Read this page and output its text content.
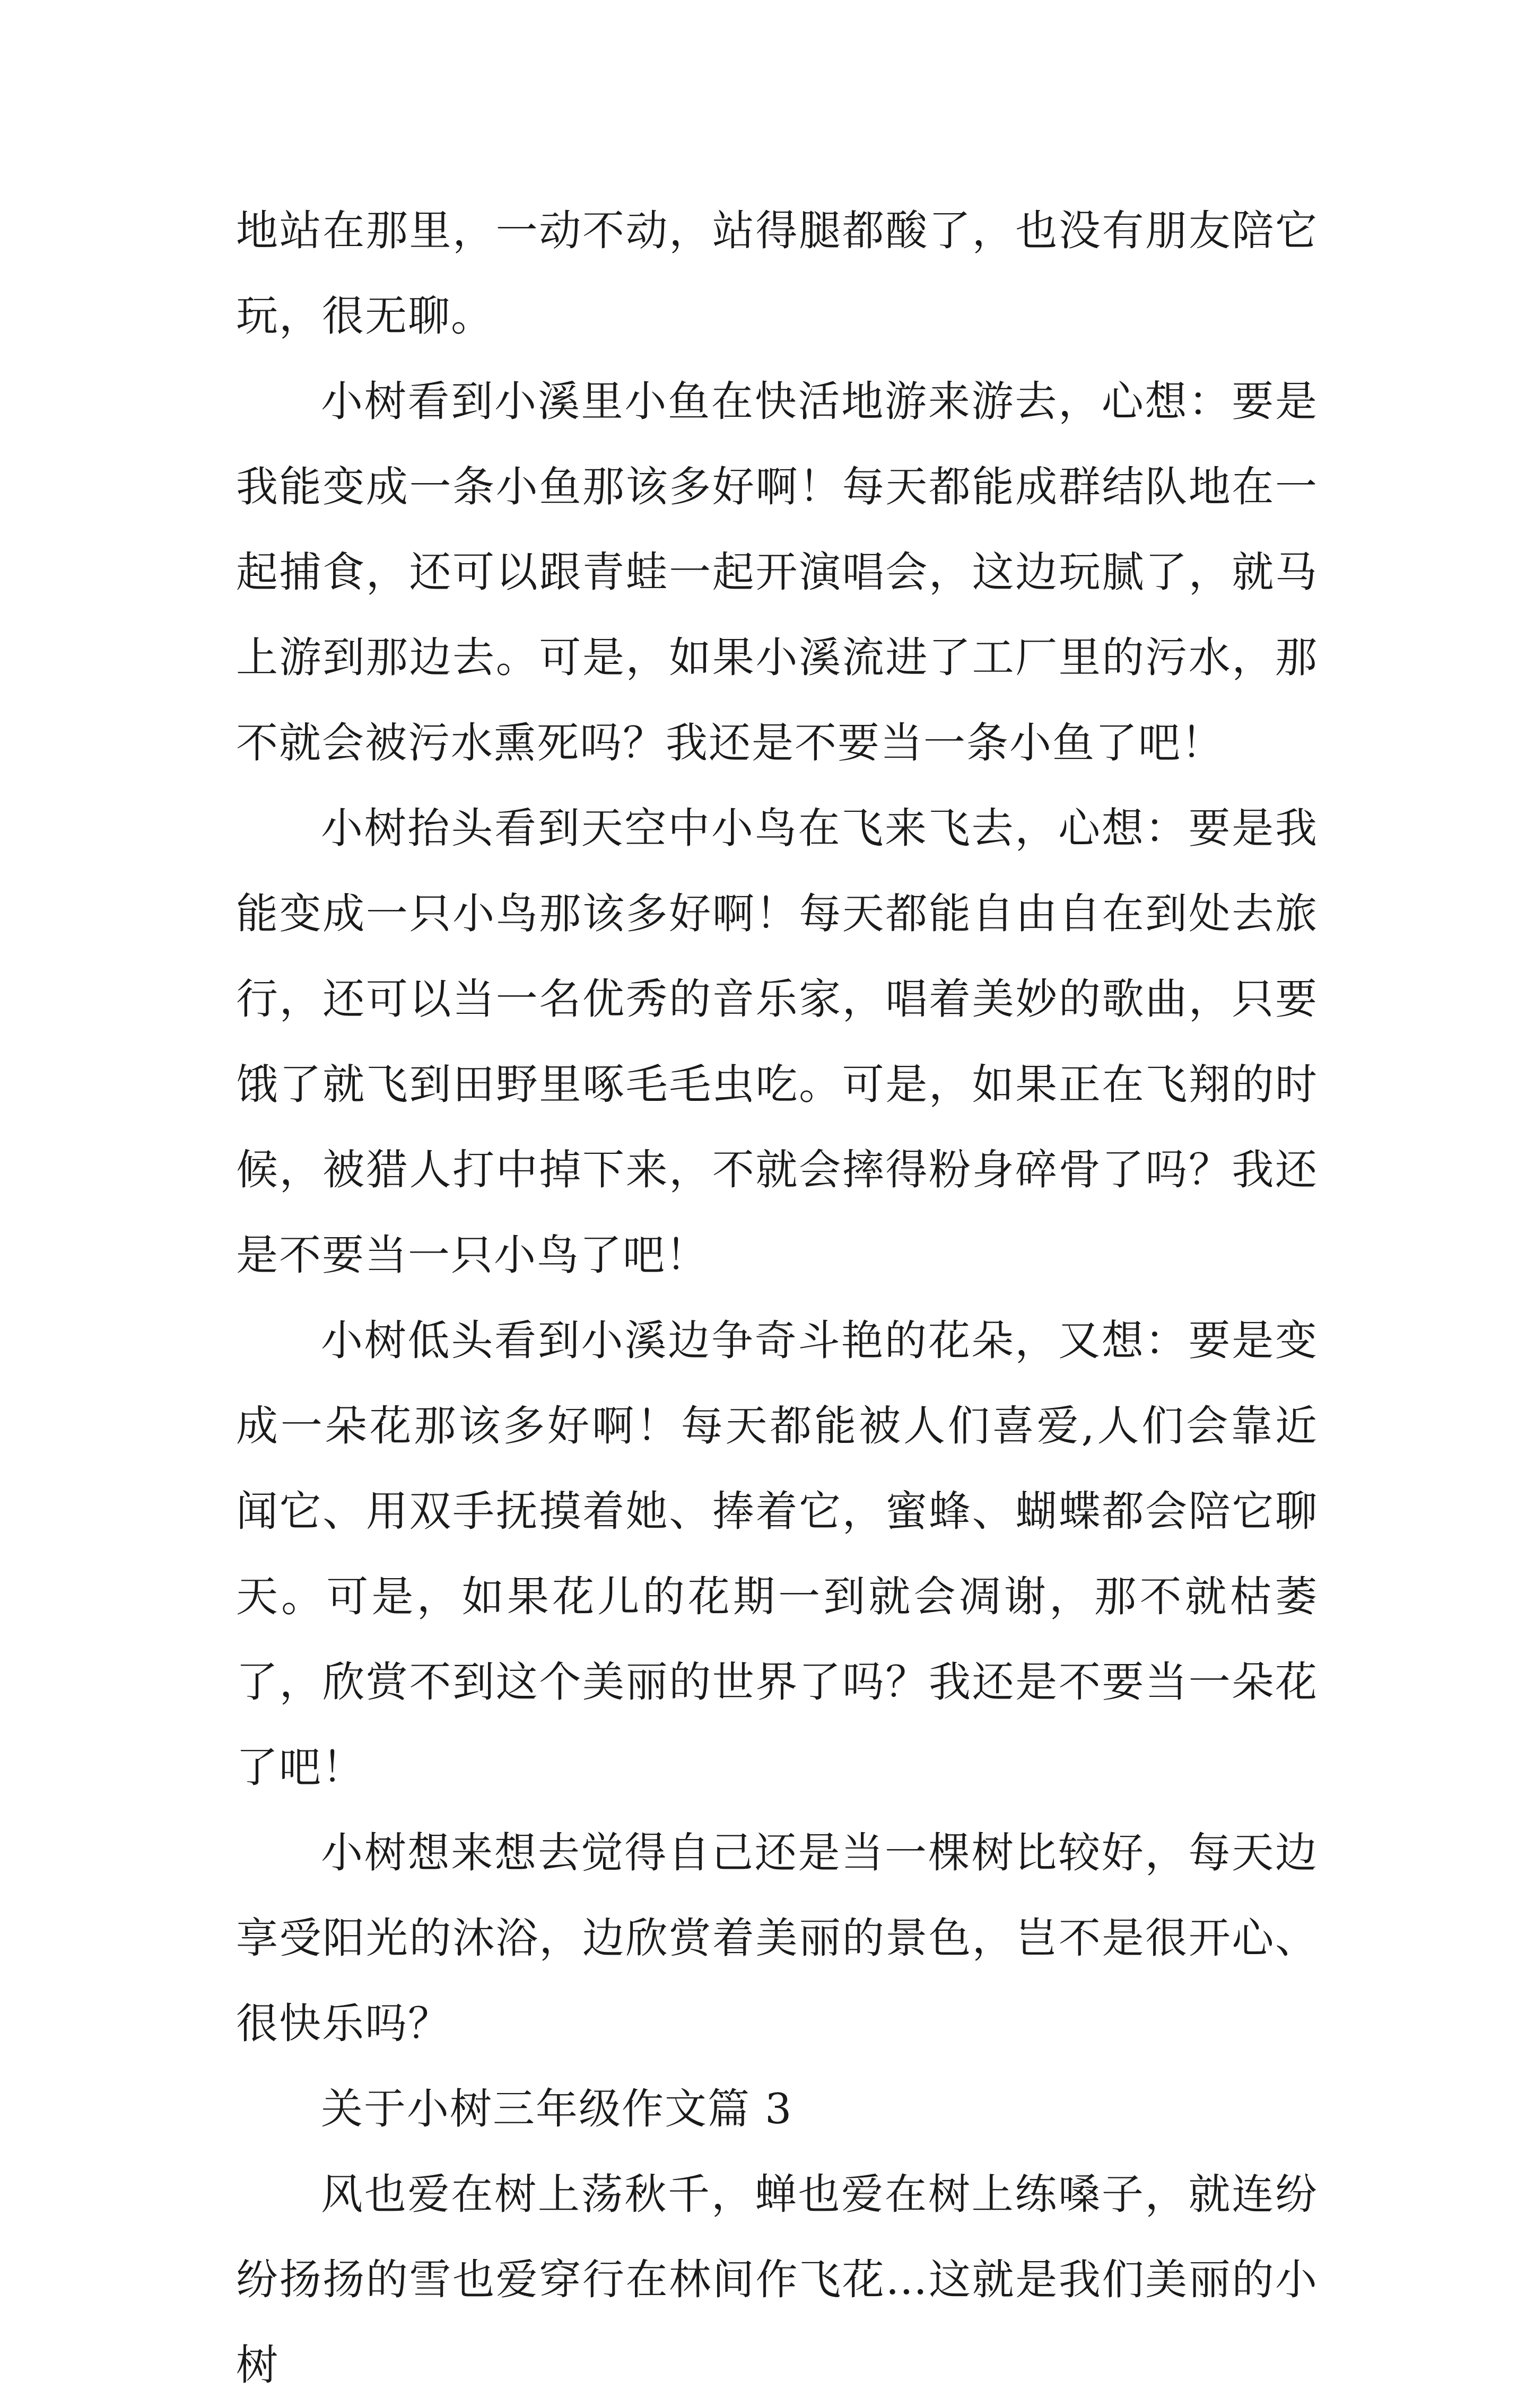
地站在那里，一动不动，站得腿都酸了，也没有朋友陪它玩，很无聊。

小树看到小溪里小鱼在快活地游来游去，心想：要是我能变成一条小鱼那该多好啊！每天都能成群结队地在一起捕食，还可以跟青蛙一起开演唱会，这边玩腻了，就马上游到那边去。可是，如果小溪流进了工厂里的污水，那不就会被污水熏死吗？我还是不要当一条小鱼了吧！

小树抬头看到天空中小鸟在飞来飞去，心想：要是我能变成一只小鸟那该多好啊！每天都能自由自在到处去旅行，还可以当一名优秀的音乐家，唱着美妙的歌曲，只要饿了就飞到田野里啄毛毛虫吃。可是，如果正在飞翔的时候，被猎人打中掉下来，不就会摔得粉身碎骨了吗？我还是不要当一只小鸟了吧！

小树低头看到小溪边争奇斗艳的花朵，又想：要是变成一朵花那该多好啊！每天都能被人们喜爱,人们会靠近闻它、用双手抚摸着她、捧着它，蜜蜂、蝴蝶都会陪它聊天。可是，如果花儿的花期一到就会凋谢，那不就枯萎了，欣赏不到这个美丽的世界了吗？我还是不要当一朵花了吧！

小树想来想去觉得自己还是当一棵树比较好，每天边享受阳光的沐浴，边欣赏着美丽的景色，岂不是很开心、很快乐吗？

关于小树三年级作文篇 3

风也爱在树上荡秋千，蝉也爱在树上练嗓子，就连纷纷扬扬的雪也爱穿行在林间作飞花…这就是我们美丽的小树
